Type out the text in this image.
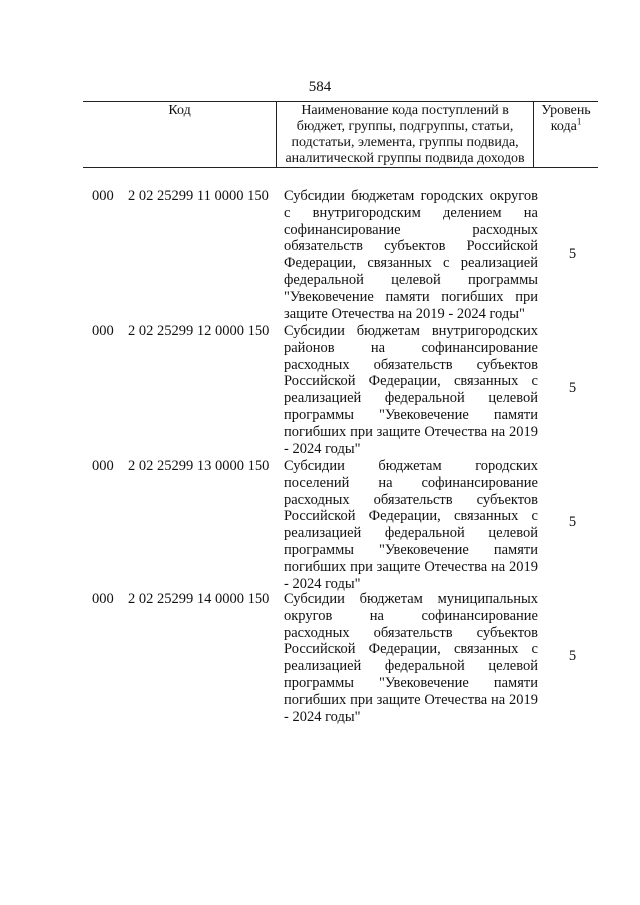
584
Код	Наименование кода поступлений в бюджет, группы, подгруппы, статьи, подстатьи, элемента, группы подвида, аналитической группы подвида доходов	Уровень кода$^1$
000 2 02 25299 11 0000 150 Субсидии бюджетам городских округов с внутригородским делением на софинансирование расходных обязательств субъектов Российской Федерации, связанных с реализацией федеральной целевой программы "Увековечение памяти погибших при защите Отечества на 2019 - 2024 годы"
5
000 2 02 25299 12 0000 150 Субсидии бюджетам внутригородских районов на софинансирование расходных обязательств субъектов Российской Федерации, связанных с реализацией федеральной целевой программы "Увековечение памяти погибших при защите Отечества на 2019 - 2024 годы"
5
000 2 02 25299 13 0000 150 Субсидии бюджетам городских поселений на софинансирование расходных обязательств субъектов Российской Федерации, связанных с реализацией федеральной целевой программы "Увековечение памяти погибших при защите Отечества на 2019 - 2024 годы"
5
000 2 02 25299 14 0000 150 Субсидии бюджетам муниципальных округов на софинансирование расходных обязательств субъектов Российской Федерации, связанных с реализацией федеральной целевой программы "Увековечение памяти погибших при защите Отечества на 2019 - 2024 годы"
5
